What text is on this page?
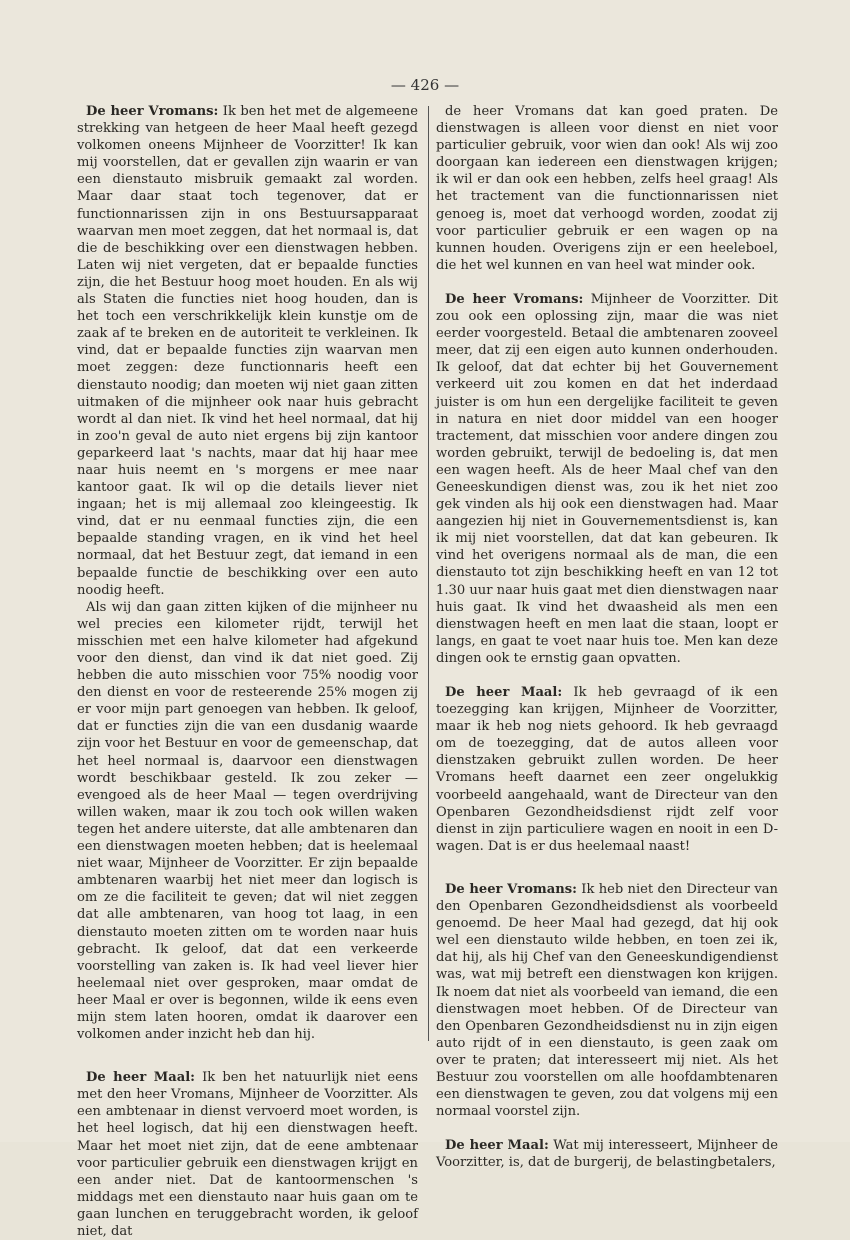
— 426 —

De heer Vromans: Ik ben het met de algemeene strekking van hetgeen de heer Maal heeft gezegd volkomen oneens Mijnheer de Voorzitter! Ik kan mij voorstellen, dat er gevallen zijn waarin er van een dienstauto misbruik gemaakt zal worden. Maar daar staat toch tegenover, dat er functionnarissen zijn in ons Bestuursapparaat waarvan men moet zeggen, dat het normaal is, dat die de beschikking over een dienstwagen hebben. Laten wij niet vergeten, dat er bepaalde functies zijn, die het Bestuur hoog moet houden. En als wij als Staten die functies niet hoog houden, dan is het toch een verschrikkelijk klein kunstje om de zaak af te breken en de autoriteit te verkleinen. Ik vind, dat er bepaalde functies zijn waarvan men moet zeggen: deze functionnaris heeft een dienstauto noodig; dan moeten wij niet gaan zitten uitmaken of die mijnheer ook naar huis gebracht wordt al dan niet. Ik vind het heel normaal, dat hij in zoo'n geval de auto niet ergens bij zijn kantoor geparkeerd laat 's nachts, maar dat hij haar mee naar huis neemt en 's morgens er mee naar kantoor gaat. Ik wil op die details liever niet ingaan; het is mij allemaal zoo kleingeestig. Ik vind, dat er nu eenmaal functies zijn, die een bepaalde standing vragen, en ik vind het heel normaal, dat het Bestuur zegt, dat iemand in een bepaalde functie de beschikking over een auto noodig heeft.

Als wij dan gaan zitten kijken of die mijnheer nu wel precies een kilometer rijdt, terwijl het misschien met een halve kilometer had afgekund voor den dienst, dan vind ik dat niet goed. Zij hebben die auto misschien voor 75% noodig voor den dienst en voor de resteerende 25% mogen zij er voor mijn part genoegen van hebben. Ik geloof, dat er functies zijn die van een dusdanig waarde zijn voor het Bestuur en voor de gemeenschap, dat het heel normaal is, daarvoor een dienstwagen wordt beschikbaar gesteld. Ik zou zeker — evengoed als de heer Maal — tegen overdrijving willen waken, maar ik zou toch ook willen waken tegen het andere uiterste, dat alle ambtenaren dan een dienstwagen moeten hebben; dat is heelemaal niet waar, Mijnheer de Voorzitter. Er zijn bepaalde ambtenaren waarbij het niet meer dan logisch is om ze die faciliteit te geven; dat wil niet zeggen dat alle ambtenaren, van hoog tot laag, in een dienstauto moeten zitten om te worden naar huis gebracht. Ik geloof, dat dat een verkeerde voorstelling van zaken is. Ik had veel liever hier heelemaal niet over gesproken, maar omdat de heer Maal er over is begonnen, wilde ik eens even mijn stem laten hooren, omdat ik daarover een volkomen ander inzicht heb dan hij.

De heer Maal: Ik ben het natuurlijk niet eens met den heer Vromans, Mijnheer de Voorzitter. Als een ambtenaar in dienst vervoerd moet worden, is het heel logisch, dat hij een dienstwagen heeft. Maar het moet niet zijn, dat de eene ambtenaar voor particulier gebruik een dienstwagen krijgt en een ander niet. Dat de kantoormenschen 's middags met een dienstauto naar huis gaan om te gaan lunchen en teruggebracht worden, ik geloof niet, dat

de heer Vromans dat kan goed praten. De dienstwagen is alleen voor dienst en niet voor particulier gebruik, voor wien dan ook! Als wij zoo doorgaan kan iedereen een dienstwagen krijgen; ik wil er dan ook een hebben, zelfs heel graag! Als het tractement van die functionnarissen niet genoeg is, moet dat verhoogd worden, zoodat zij voor particulier gebruik er een wagen op na kunnen houden. Overigens zijn er een heeleboel, die het wel kunnen en van heel wat minder ook.

De heer Vromans: Mijnheer de Voorzitter. Dit zou ook een oplossing zijn, maar die was niet eerder voorgesteld. Betaal die ambtenaren zooveel meer, dat zij een eigen auto kunnen onderhouden. Ik geloof, dat dat echter bij het Gouvernement verkeerd uit zou komen en dat het inderdaad juister is om hun een dergelijke faciliteit te geven in natura en niet door middel van een hooger tractement, dat misschien voor andere dingen zou worden gebruikt, terwijl de bedoeling is, dat men een wagen heeft. Als de heer Maal chef van den Geneeskundigen dienst was, zou ik het niet zoo gek vinden als hij ook een dienstwagen had. Maar aangezien hij niet in Gouvernementsdienst is, kan ik mij niet voorstellen, dat dat kan gebeuren. Ik vind het overigens normaal als de man, die een dienstauto tot zijn beschikking heeft en van 12 tot 1.30 uur naar huis gaat met dien dienstwagen naar huis gaat. Ik vind het dwaasheid als men een dienstwagen heeft en men laat die staan, loopt er langs, en gaat te voet naar huis toe. Men kan deze dingen ook te ernstig gaan opvatten.

De heer Maal: Ik heb gevraagd of ik een toezegging kan krijgen, Mijnheer de Voorzitter, maar ik heb nog niets gehoord. Ik heb gevraagd om de toezegging, dat de autos alleen voor dienstzaken gebruikt zullen worden. De heer Vromans heeft daarnet een zeer ongelukkig voorbeeld aangehaald, want de Directeur van den Openbaren Gezondheidsdienst rijdt zelf voor dienst in zijn particuliere wagen en nooit in een D-wagen. Dat is er dus heelemaal naast!

De heer Vromans: Ik heb niet den Directeur van den Openbaren Gezondheidsdienst als voorbeeld genoemd. De heer Maal had gezegd, dat hij ook wel een dienstauto wilde hebben, en toen zei ik, dat hij, als hij Chef van den Geneeskundigendienst was, wat mij betreft een dienstwagen kon krijgen. Ik noem dat niet als voorbeeld van iemand, die een dienstwagen moet hebben. Of de Directeur van den Openbaren Gezondheidsdienst nu in zijn eigen auto rijdt of in een dienstauto, is geen zaak om over te praten; dat interesseert mij niet. Als het Bestuur zou voorstellen om alle hoofdambtenaren een dienstwagen te geven, zou dat volgens mij een normaal voorstel zijn.

De heer Maal: Wat mij interesseert, Mijnheer de Voorzitter, is, dat de burgerij, de belastingbetalers,
